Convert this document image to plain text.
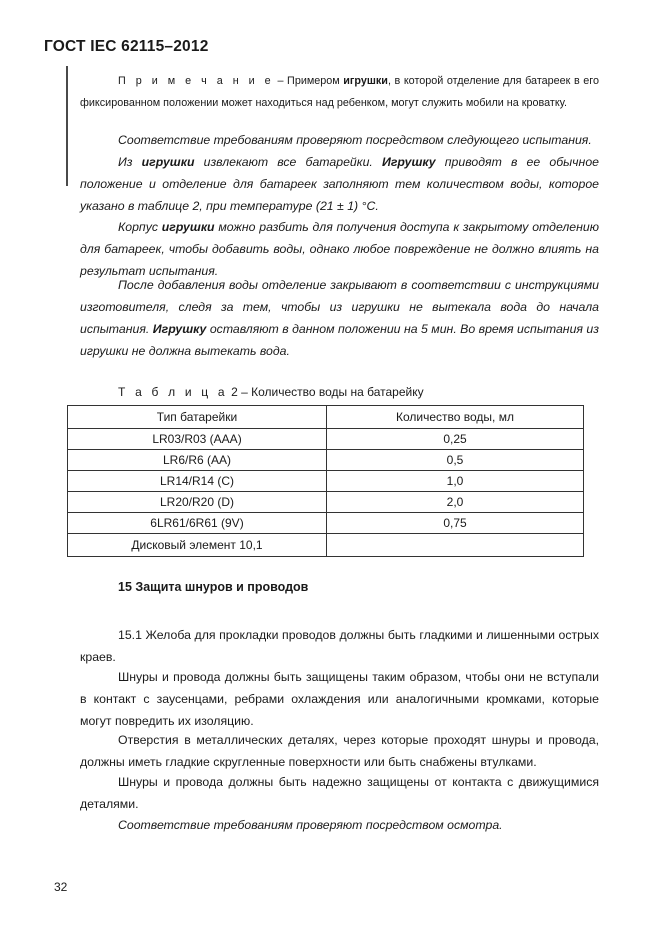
ГОСТ IEC 62115–2012
П р и м е ч а н и е – Примером игрушки, в которой отделение для батареек в его фиксированном положении может находиться над ребенком, могут служить мобили на кроватку.
Соответствие требованиям проверяют посредством следующего испытания.
Из игрушки извлекают все батарейки. Игрушку приводят в ее обычное положение и отделение для батареек заполняют тем количеством воды, которое указано в таблице 2, при температуре (21 ± 1) °C.
Корпус игрушки можно разбить для получения доступа к закрытому отделению для батареек, чтобы добавить воды, однако любое повреждение не должно влиять на результат испытания.
После добавления воды отделение закрывают в соответствии с инструкциями изготовителя, следя за тем, чтобы из игрушки не вытекала вода до начала испытания. Игрушку оставляют в данном положении на 5 мин. Во время испытания из игрушки не должна вытекать вода.
Т а б л и ц а 2 – Количество воды на батарейку
Тип батарейки	Количество воды, мл
LR03/R03 (AAA)	0,25
LR6/R6 (AA)	0,5
LR14/R14 (C)	1,0
LR20/R20 (D)	2,0
6LR61/6R61 (9V)	0,75
Дисковый элемент 10,1	
15 Защита шнуров и проводов
15.1 Желоба для прокладки проводов должны быть гладкими и лишенными острых краев.
Шнуры и провода должны быть защищены таким образом, чтобы они не вступали в контакт с заусенцами, ребрами охлаждения или аналогичными кромками, которые могут повредить их изоляцию.
Отверстия в металлических деталях, через которые проходят шнуры и провода, должны иметь гладкие скругленные поверхности или быть снабжены втулками.
Шнуры и провода должны быть надежно защищены от контакта с движущимися деталями.
Соответствие требованиям проверяют посредством осмотра.
32
